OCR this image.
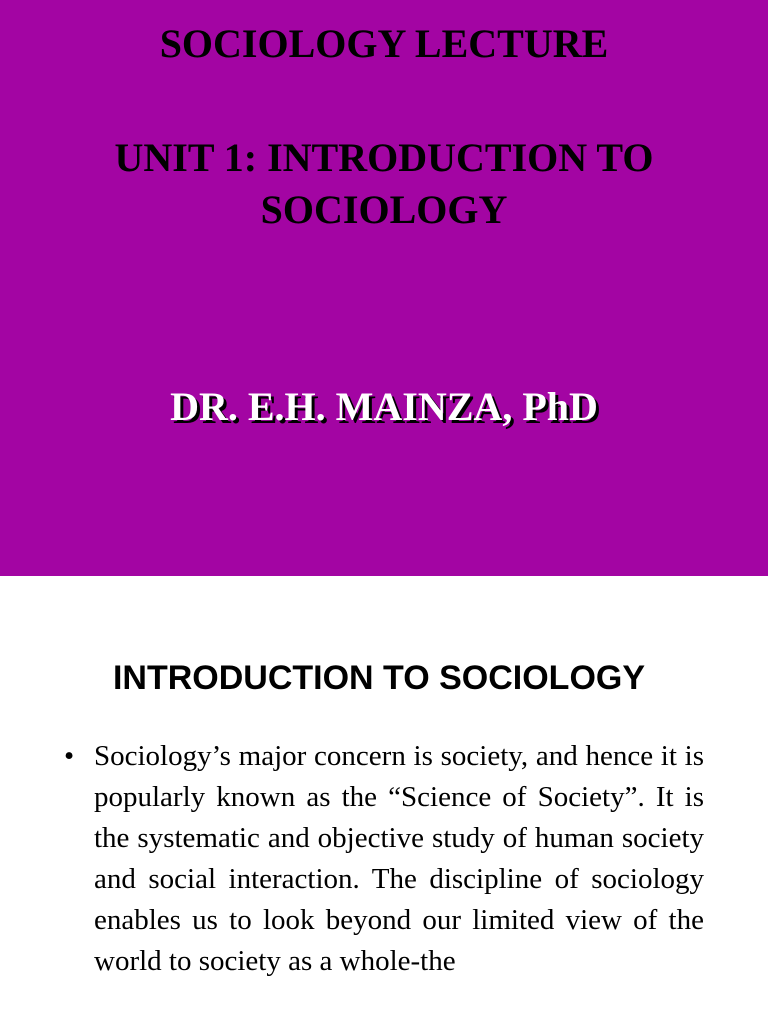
SOCIOLOGY LECTURE
UNIT 1: INTRODUCTION TO SOCIOLOGY
DR. E.H. MAINZA, PhD
INTRODUCTION TO SOCIOLOGY
• Sociology’s major concern is society, and hence it is popularly known as the “Science of Society”. It is the systematic and objective study of human society and social interaction. The discipline of sociology enables us to look beyond our limited view of the world to society as a whole-the
